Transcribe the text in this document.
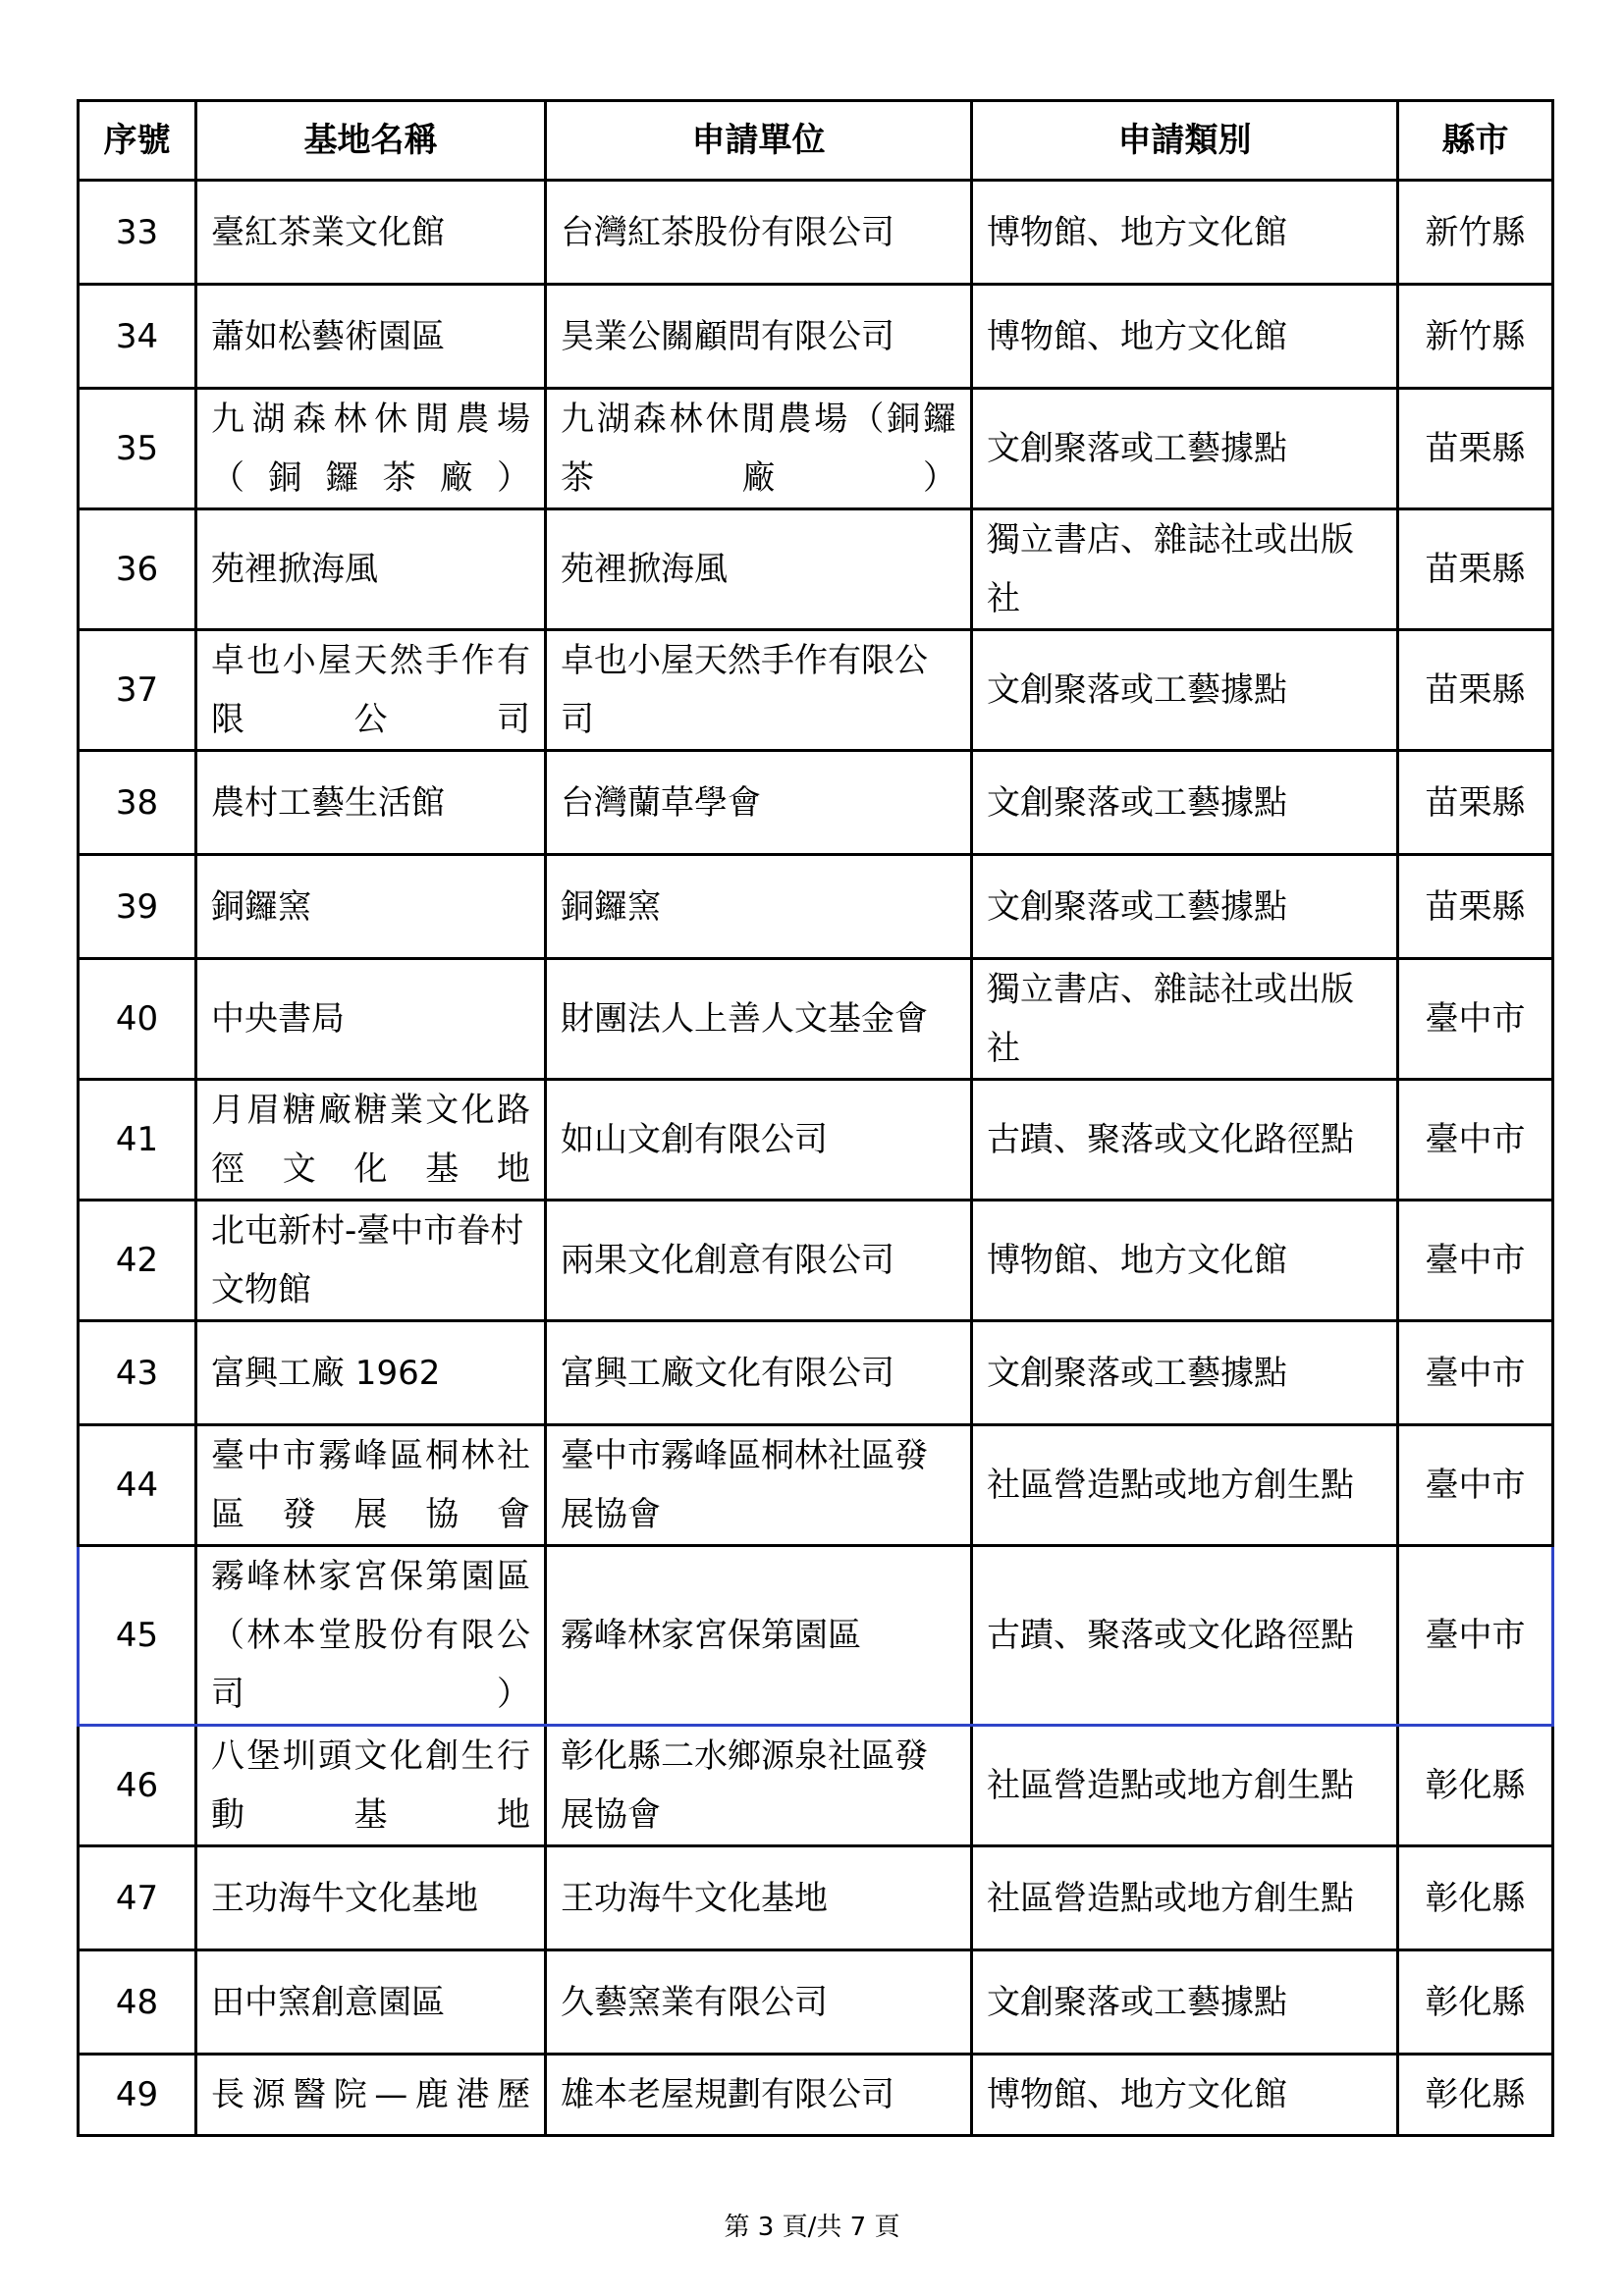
序號	基地名稱	申請單位	申請類別	縣市
33	臺紅茶業文化館	台灣紅茶股份有限公司	博物館、地方文化館	新竹縣
34	蕭如松藝術園區	昊業公關顧問有限公司	博物館、地方文化館	新竹縣
35	九湖森林休閒農場（銅鑼茶廠）	九湖森林休閒農場（銅鑼茶廠）	文創聚落或工藝據點	苗栗縣
36	苑裡掀海風	苑裡掀海風	獨立書店、雜誌社或出版社	苗栗縣
37	卓也小屋天然手作有限公司	卓也小屋天然手作有限公司	文創聚落或工藝據點	苗栗縣
38	農村工藝生活館	台灣蘭草學會	文創聚落或工藝據點	苗栗縣
39	銅鑼窯	銅鑼窯	文創聚落或工藝據點	苗栗縣
40	中央書局	財團法人上善人文基金會	獨立書店、雜誌社或出版社	臺中市
41	月眉糖廠糖業文化路徑文化基地	如山文創有限公司	古蹟、聚落或文化路徑點	臺中市
42	北屯新村-臺中市眷村文物館	兩果文化創意有限公司	博物館、地方文化館	臺中市
43	富興工廠 1962	富興工廠文化有限公司	文創聚落或工藝據點	臺中市
44	臺中市霧峰區桐林社區發展協會	臺中市霧峰區桐林社區發展協會	社區營造點或地方創生點	臺中市
45	霧峰林家宮保第園區（林本堂股份有限公司）	霧峰林家宮保第園區	古蹟、聚落或文化路徑點	臺中市
46	八堡圳頭文化創生行動基地	彰化縣二水鄉源泉社區發展協會	社區營造點或地方創生點	彰化縣
47	王功海牛文化基地	王功海牛文化基地	社區營造點或地方創生點	彰化縣
48	田中窯創意園區	久藝窯業有限公司	文創聚落或工藝據點	彰化縣
49	長源醫院—鹿港歷	雄本老屋規劃有限公司	博物館、地方文化館	彰化縣
第 3 頁/共 7 頁
